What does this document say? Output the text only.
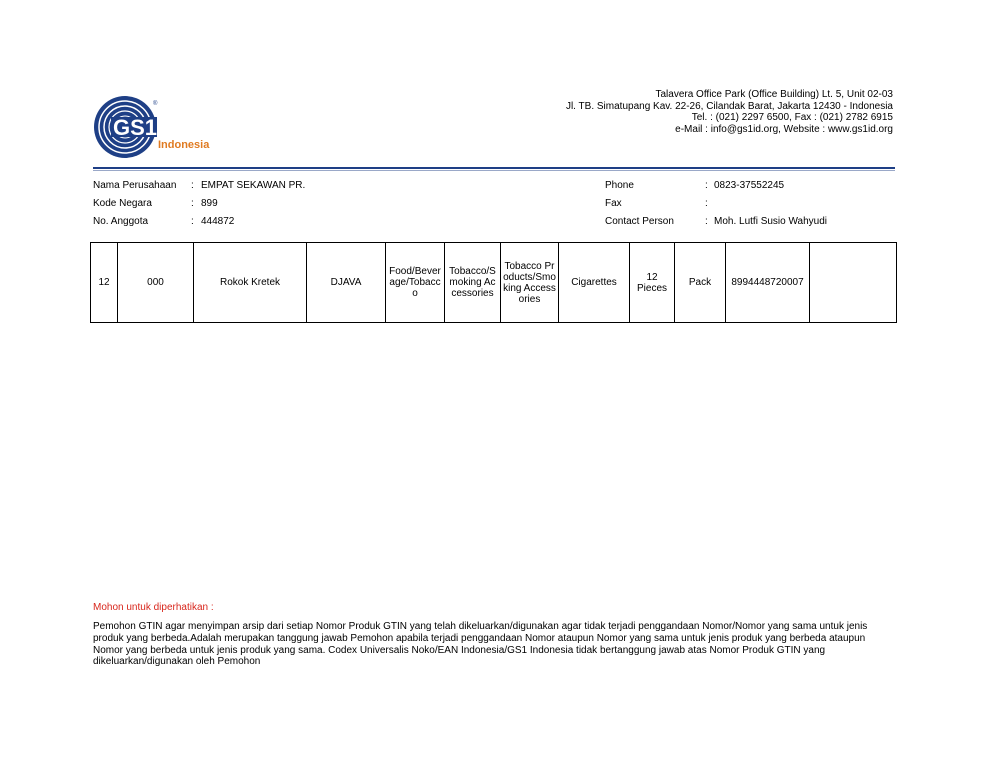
GS1
®
Indonesia
Talavera Office Park (Office Building) Lt. 5, Unit 02-03
Jl. TB. Simatupang Kav. 22-26, Cilandak Barat, Jakarta 12430 - Indonesia
Tel. : (021) 2297 6500, Fax : (021) 2782 6915
e-Mail : info@gs1id.org, Website : www.gs1id.org
Nama Perusahaan : EMPAT SEKAWAN PR.
Kode Negara	: 899
No. Anggota	: 444872
Phone	: 0823-37552245
Fax	:
Contact Person	: Moh. Lutfi Susio Wahyudi
12	000	Rokok Kretek	DJAVA	Food/Beverage/Tobacco	Tobacco/Smoking Accessories	Tobacco Products/Smoking Accessories	Cigarettes	12 Pieces	Pack	8994448720007	
Mohon untuk diperhatikan :
Pemohon GTIN agar menyimpan arsip dari setiap Nomor Produk GTIN yang telah dikeluarkan/digunakan agar tidak terjadi penggandaan Nomor/Nomor yang sama untuk jenis produk yang berbeda.Adalah merupakan tanggung jawab Pemohon apabila terjadi penggandaan Nomor ataupun Nomor yang sama untuk jenis produk yang berbeda ataupun Nomor yang berbeda untuk jenis produk yang sama. Codex Universalis Noko/EAN Indonesia/GS1 Indonesia tidak bertanggung jawab atas Nomor Produk GTIN yang dikeluarkan/digunakan oleh Pemohon
